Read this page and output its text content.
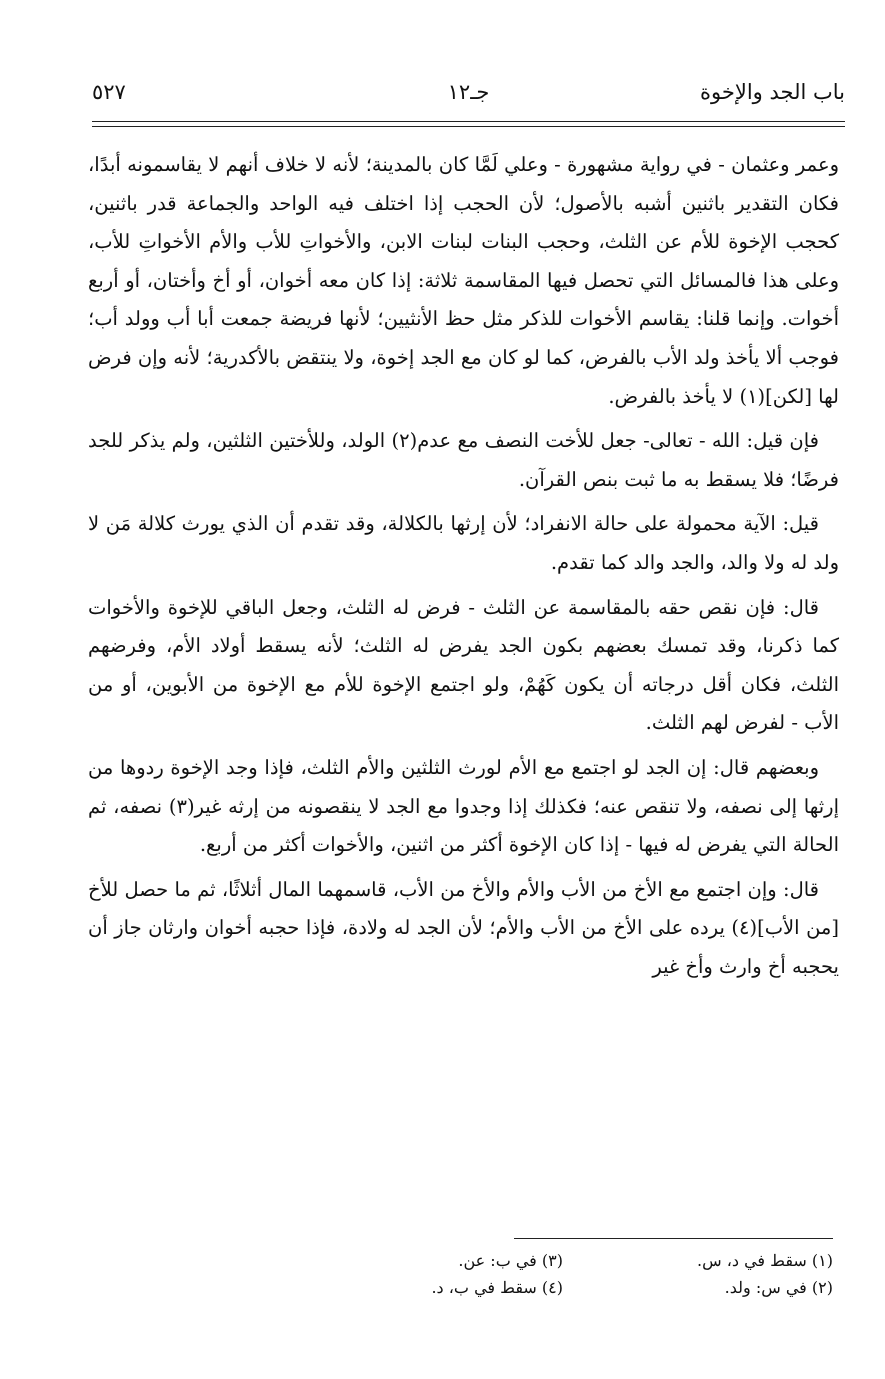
باب الجد والإخوة
جـ١٢
٥٢٧

وعمر وعثمان - في رواية مشهورة - وعلي لَمَّا كان بالمدينة؛ لأنه لا خلاف أنهم لا يقاسمونه أبدًا، فكان التقدير باثنين أشبه بالأصول؛ لأن الحجب إذا اختلف فيه الواحد والجماعة قدر باثنين، كحجب الإخوة للأم عن الثلث، وحجب البنات لبنات الابن، والأخواتِ للأب والأم الأخواتِ للأب، وعلى هذا فالمسائل التي تحصل فيها المقاسمة ثلاثة: إذا كان معه أخوان، أو أخ وأختان، أو أربع أخوات. وإنما قلنا: يقاسم الأخوات للذكر مثل حظ الأنثيين؛ لأنها فريضة جمعت أبا أب وولد أب؛ فوجب ألا يأخذ ولد الأب بالفرض، كما لو كان مع الجد إخوة، ولا ينتقض بالأكدرية؛ لأنه وإن فرض لها [لكن](١) لا يأخذ بالفرض.

فإن قيل: الله - تعالى- جعل للأخت النصف مع عدم(٢) الولد، وللأختين الثلثين، ولم يذكر للجد فرضًا؛ فلا يسقط به ما ثبت بنص القرآن.

قيل: الآية محمولة على حالة الانفراد؛ لأن إرثها بالكلالة، وقد تقدم أن الذي يورث كلالة مَن لا ولد له ولا والد، والجد والد كما تقدم.

قال: فإن نقص حقه بالمقاسمة عن الثلث - فرض له الثلث، وجعل الباقي للإخوة والأخوات كما ذكرنا، وقد تمسك بعضهم بكون الجد يفرض له الثلث؛ لأنه يسقط أولاد الأم، وفرضهم الثلث، فكان أقل درجاته أن يكون كَهُمْ، ولو اجتمع الإخوة للأم مع الإخوة من الأبوين، أو من الأب - لفرض لهم الثلث.

وبعضهم قال: إن الجد لو اجتمع مع الأم لورث الثلثين والأم الثلث، فإذا وجد الإخوة ردوها من إرثها إلى نصفه، ولا تنقص عنه؛ فكذلك إذا وجدوا مع الجد لا ينقصونه من إرثه غير(٣) نصفه، ثم الحالة التي يفرض له فيها - إذا كان الإخوة أكثر من اثنين، والأخوات أكثر من أربع.

قال: وإن اجتمع مع الأخ من الأب والأم والأخ من الأب، قاسمهما المال أثلاثًا، ثم ما حصل للأخ [من الأب](٤) يرده على الأخ من الأب والأم؛ لأن الجد له ولادة، فإذا حجبه أخوان وارثان جاز أن يحجبه أخ وارث وأخ غير

(١) سقط في د، س.
(٢) في س: ولد.
(٣) في ب: عن.
(٤) سقط في ب، د.
